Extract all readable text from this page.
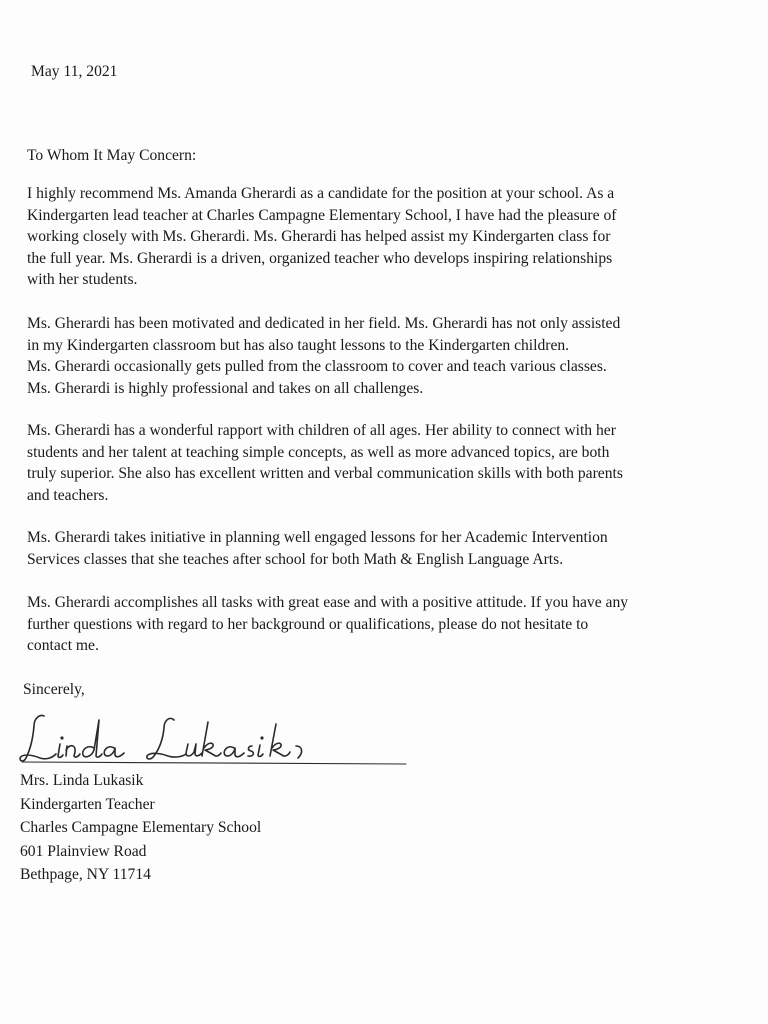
May 11, 2021
To Whom It May Concern:

I highly recommend Ms. Amanda Gherardi as a candidate for the position at your school. As a
Kindergarten lead teacher at Charles Campagne Elementary School, I have had the pleasure of
working closely with Ms. Gherardi. Ms. Gherardi has helped assist my Kindergarten class for
the full year. Ms. Gherardi is a driven, organized teacher who develops inspiring relationships
with her students.

Ms. Gherardi has been motivated and dedicated in her field. Ms. Gherardi has not only assisted
in my Kindergarten classroom but has also taught lessons to the Kindergarten children.
Ms. Gherardi occasionally gets pulled from the classroom to cover and teach various classes.
Ms. Gherardi is highly professional and takes on all challenges.

Ms. Gherardi has a wonderful rapport with children of all ages. Her ability to connect with her
students and her talent at teaching simple concepts, as well as more advanced topics, are both
truly superior. She also has excellent written and verbal communication skills with both parents
and teachers.

Ms. Gherardi takes initiative in planning well engaged lessons for her Academic Intervention
Services classes that she teaches after school for both Math & English Language Arts.

Ms. Gherardi accomplishes all tasks with great ease and with a positive attitude. If you have any
further questions with regard to her background or qualifications, please do not hesitate to
contact me.

Sincerely,
Mrs. Linda Lukasik
Kindergarten Teacher
Charles Campagne Elementary School
601 Plainview Road
Bethpage, NY 11714
